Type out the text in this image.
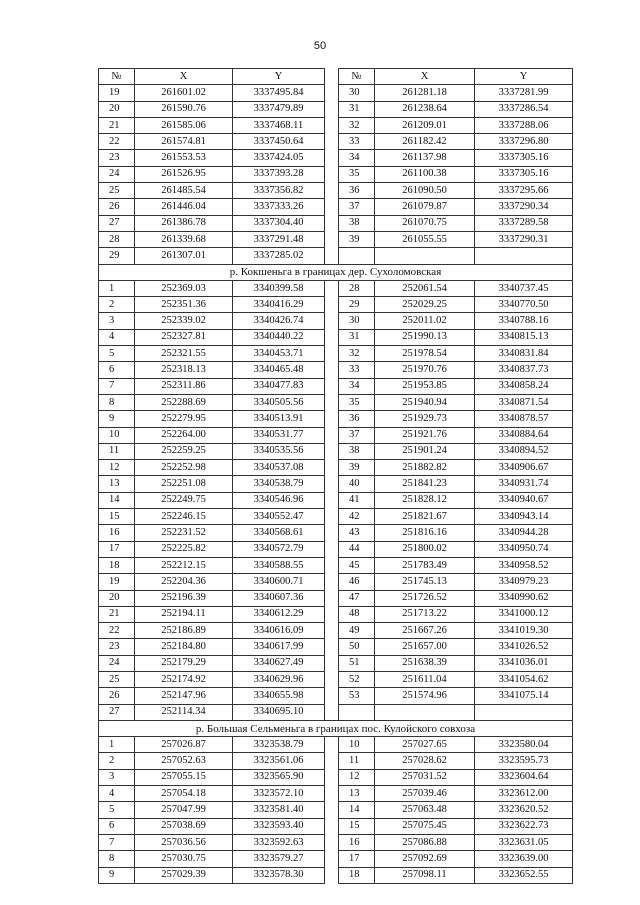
50
№	X	Y		№	X	Y
19	261601.02	3337495.84		30	261281.18	3337281.99
20	261590.76	3337479.89		31	261238.64	3337286.54
21	261585.06	3337468.11		32	261209.01	3337288.06
22	261574.81	3337450.64		33	261182.42	3337296.80
23	261553.53	3337424.05		34	261137.98	3337305.16
24	261526.95	3337393.28		35	261100.38	3337305.16
25	261485.54	3337356.82		36	261090.50	3337295.66
26	261446.04	3337333.26		37	261079.87	3337290.34
27	261386.78	3337304.40		38	261070.75	3337289.58
28	261339.68	3337291.48		39	261055.55	3337290.31
29	261307.01	3337285.02				
р. Кокшеньга в границах дер. Сухоломовская						
1	252369.03	3340399.58		28	252061.54	3340737.45
2	252351.36	3340416.29		29	252029.25	3340770.50
3	252339.02	3340426.74		30	252011.02	3340788.16
4	252327.81	3340440.22		31	251990.13	3340815.13
5	252321.55	3340453.71		32	251978.54	3340831.84
6	252318.13	3340465.48		33	251970.76	3340837.73
7	252311.86	3340477.83		34	251953.85	3340858.24
8	252288.69	3340505.56		35	251940.94	3340871.54
9	252279.95	3340513.91		36	251929.73	3340878.57
10	252264.00	3340531.77		37	251921.76	3340884.64
11	252259.25	3340535.56		38	251901.24	3340894.52
12	252252.98	3340537.08		39	251882.82	3340906.67
13	252251.08	3340538.79		40	251841.23	3340931.74
14	252249.75	3340546.96		41	251828.12	3340940.67
15	252246.15	3340552.47		42	251821.67	3340943.14
16	252231.52	3340568.61		43	251816.16	3340944.28
17	252225.82	3340572.79		44	251800.02	3340950.74
18	252212.15	3340588.55		45	251783.49	3340958.52
19	252204.36	3340600.71		46	251745.13	3340979.23
20	252196.39	3340607.36		47	251726.52	3340990.62
21	252194.11	3340612.29		48	251713.22	3341000.12
22	252186.89	3340616.09		49	251667.26	3341019.30
23	252184.80	3340617.99		50	251657.00	3341026.52
24	252179.29	3340627.49		51	251638.39	3341036.01
25	252174.92	3340629.96		52	251611.04	3341054.62
26	252147.96	3340655.98		53	251574.96	3341075.14
27	252114.34	3340695.10				
р. Большая Сельменьга в границах пос. Кулойского совхоза						
1	257026.87	3323538.79		10	257027.65	3323580.04
2	257052.63	3323561.06		11	257028.62	3323595.73
3	257055.15	3323565.90		12	257031.52	3323604.64
4	257054.18	3323572.10		13	257039.46	3323612.00
5	257047.99	3323581.40		14	257063.48	3323620.52
6	257038.69	3323593.40		15	257075.45	3323622.73
7	257036.56	3323592.63		16	257086.88	3323631.05
8	257030.75	3323579.27		17	257092.69	3323639.00
9	257029.39	3323578.30		18	257098.11	3323652.55
